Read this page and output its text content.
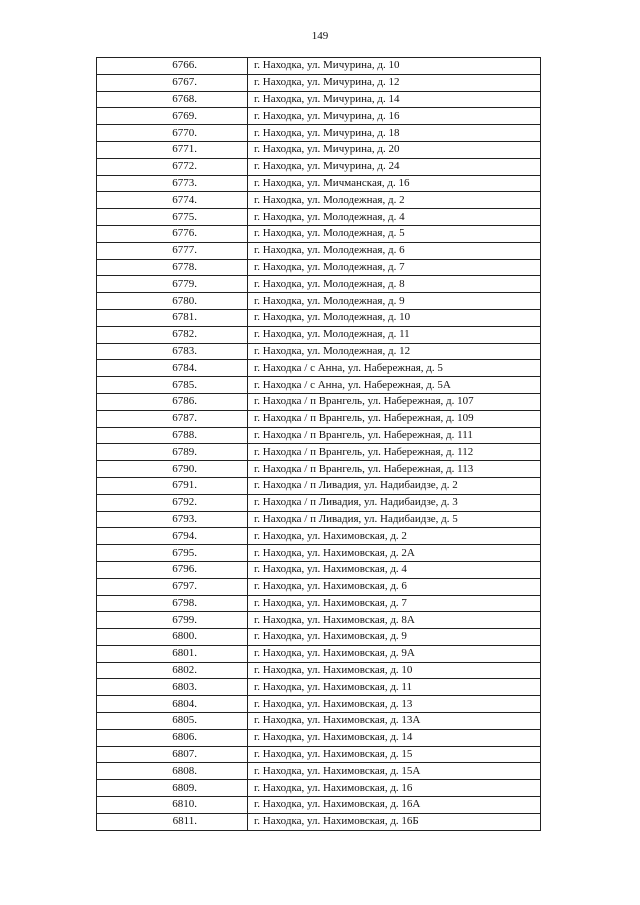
149
6766.	г. Находка, ул. Мичурина, д. 10
6767.	г. Находка, ул. Мичурина, д. 12
6768.	г. Находка, ул. Мичурина, д. 14
6769.	г. Находка, ул. Мичурина, д. 16
6770.	г. Находка, ул. Мичурина, д. 18
6771.	г. Находка, ул. Мичурина, д. 20
6772.	г. Находка, ул. Мичурина, д. 24
6773.	г. Находка, ул. Мичманская, д. 16
6774.	г. Находка, ул. Молодежная, д. 2
6775.	г. Находка, ул. Молодежная, д. 4
6776.	г. Находка, ул. Молодежная, д. 5
6777.	г. Находка, ул. Молодежная, д. 6
6778.	г. Находка, ул. Молодежная, д. 7
6779.	г. Находка, ул. Молодежная, д. 8
6780.	г. Находка, ул. Молодежная, д. 9
6781.	г. Находка, ул. Молодежная, д. 10
6782.	г. Находка, ул. Молодежная, д. 11
6783.	г. Находка, ул. Молодежная, д. 12
6784.	г. Находка / с Анна, ул. Набережная, д. 5
6785.	г. Находка / с Анна, ул. Набережная, д. 5А
6786.	г. Находка / п Врангель, ул. Набережная, д. 107
6787.	г. Находка / п Врангель, ул. Набережная, д. 109
6788.	г. Находка / п Врангель, ул. Набережная, д. 111
6789.	г. Находка / п Врангель, ул. Набережная, д. 112
6790.	г. Находка / п Врангель, ул. Набережная, д. 113
6791.	г. Находка / п Ливадия, ул. Надибаидзе, д. 2
6792.	г. Находка / п Ливадия, ул. Надибаидзе, д. 3
6793.	г. Находка / п Ливадия, ул. Надибаидзе, д. 5
6794.	г. Находка, ул. Нахимовская, д. 2
6795.	г. Находка, ул. Нахимовская, д. 2А
6796.	г. Находка, ул. Нахимовская, д. 4
6797.	г. Находка, ул. Нахимовская, д. 6
6798.	г. Находка, ул. Нахимовская, д. 7
6799.	г. Находка, ул. Нахимовская, д. 8А
6800.	г. Находка, ул. Нахимовская, д. 9
6801.	г. Находка, ул. Нахимовская, д. 9А
6802.	г. Находка, ул. Нахимовская, д. 10
6803.	г. Находка, ул. Нахимовская, д. 11
6804.	г. Находка, ул. Нахимовская, д. 13
6805.	г. Находка, ул. Нахимовская, д. 13А
6806.	г. Находка, ул. Нахимовская, д. 14
6807.	г. Находка, ул. Нахимовская, д. 15
6808.	г. Находка, ул. Нахимовская, д. 15А
6809.	г. Находка, ул. Нахимовская, д. 16
6810.	г. Находка, ул. Нахимовская, д. 16А
6811.	г. Находка, ул. Нахимовская, д. 16Б
